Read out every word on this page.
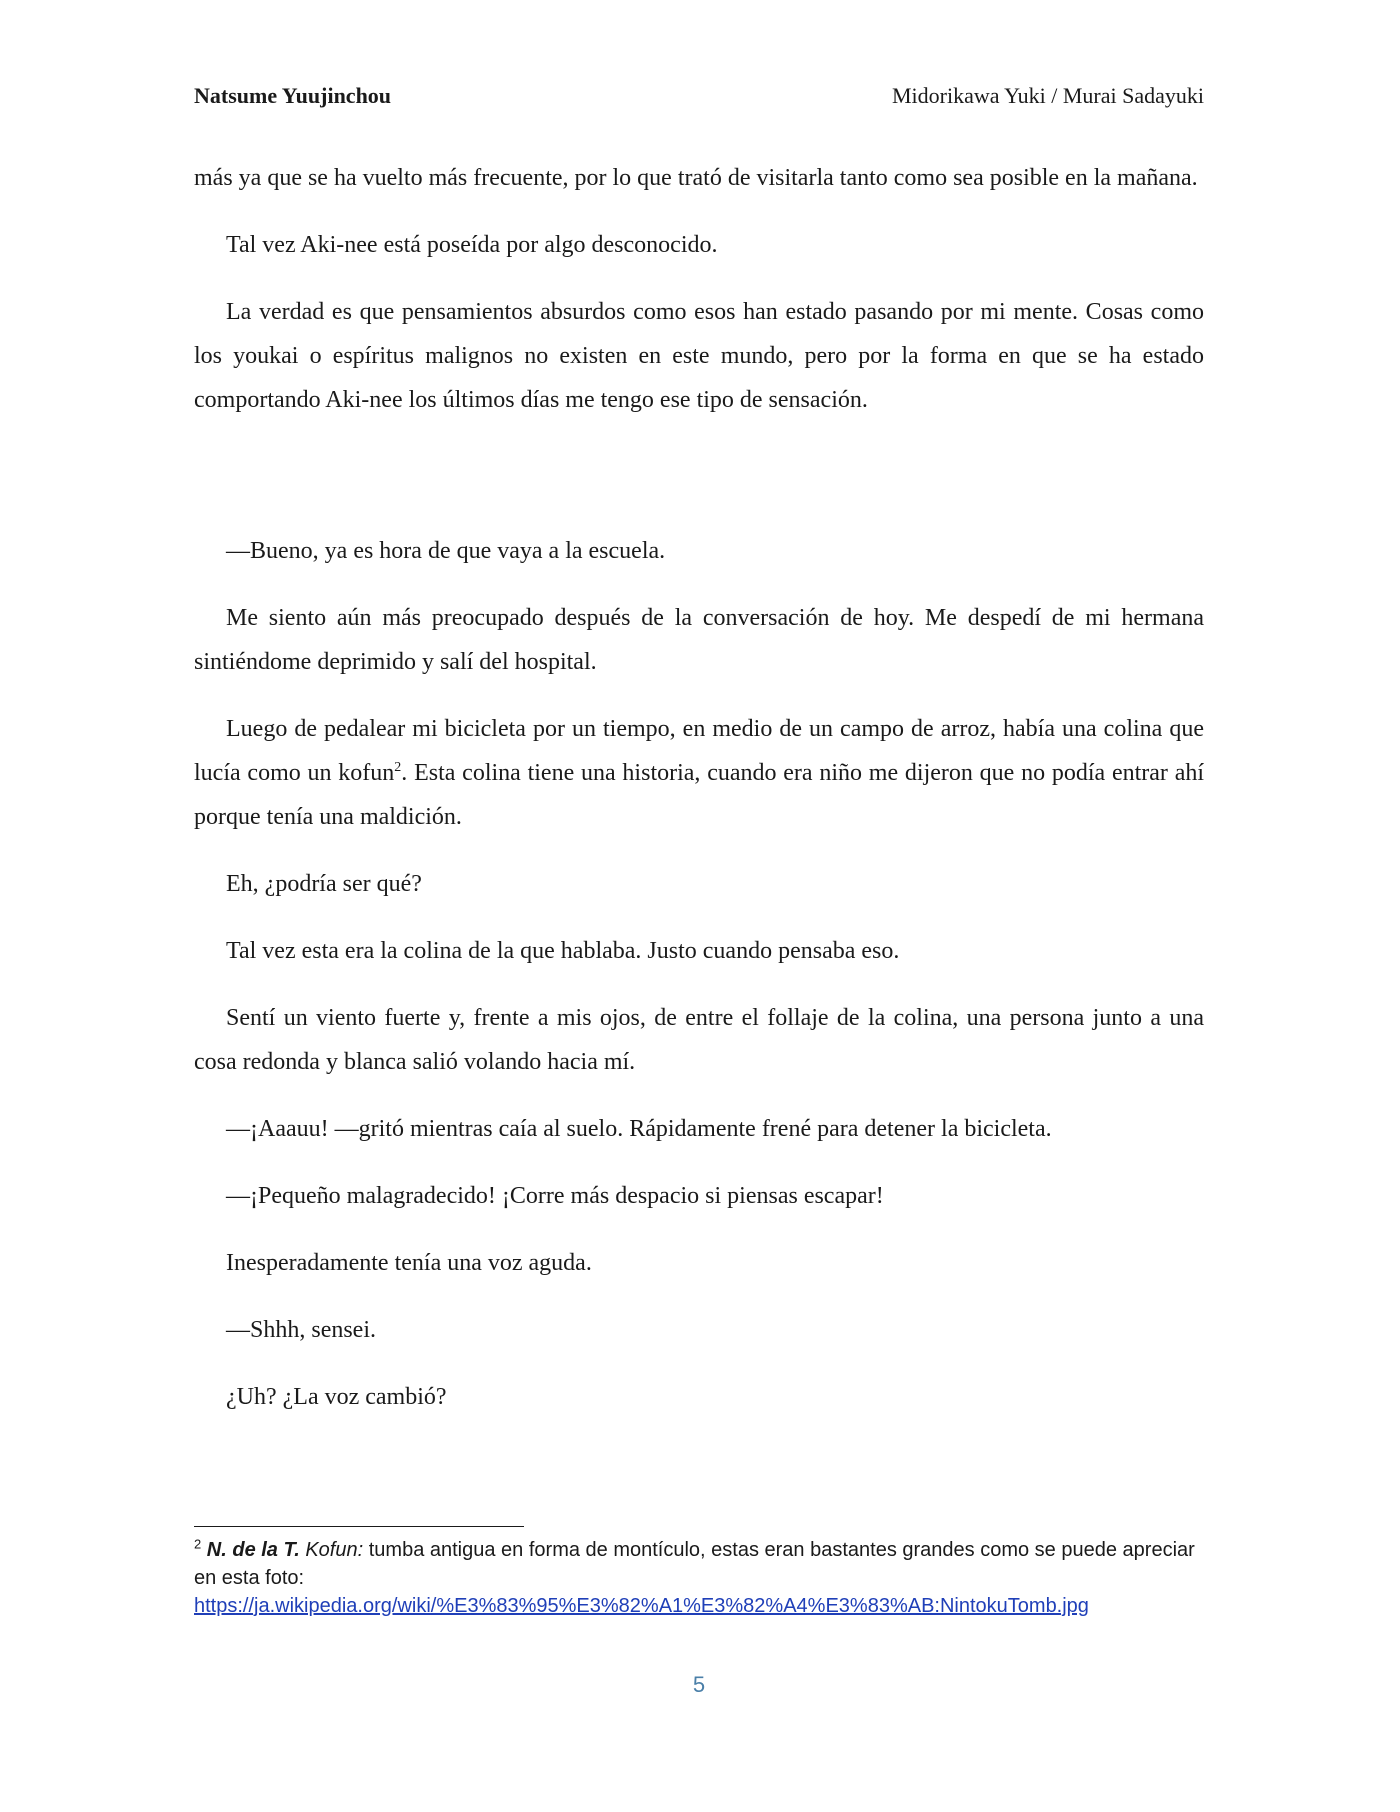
Natsume Yuujinchou	Midorikawa Yuki / Murai Sadayuki

más ya que se ha vuelto más frecuente, por lo que trató de visitarla tanto como sea posible en la mañana.

Tal vez Aki-nee está poseída por algo desconocido.

La verdad es que pensamientos absurdos como esos han estado pasando por mi mente. Cosas como los youkai o espíritus malignos no existen en este mundo, pero por la forma en que se ha estado comportando Aki-nee los últimos días me tengo ese tipo de sensación.

—Bueno, ya es hora de que vaya a la escuela.

Me siento aún más preocupado después de la conversación de hoy. Me despedí de mi hermana sintiéndome deprimido y salí del hospital.

Luego de pedalear mi bicicleta por un tiempo, en medio de un campo de arroz, había una colina que lucía como un kofun$^2$. Esta colina tiene una historia, cuando era niño me dijeron que no podía entrar ahí porque tenía una maldición.

Eh, ¿podría ser qué?

Tal vez esta era la colina de la que hablaba. Justo cuando pensaba eso.

Sentí un viento fuerte y, frente a mis ojos, de entre el follaje de la colina, una persona junto a una cosa redonda y blanca salió volando hacia mí.

—¡Aaauu! —gritó mientras caía al suelo. Rápidamente frené para detener la bicicleta.

—¡Pequeño malagradecido! ¡Corre más despacio si piensas escapar!

Inesperadamente tenía una voz aguda.

—Shhh, sensei.

¿Uh? ¿La voz cambió?

$^2$ N. de la T. Kofun: tumba antigua en forma de montículo, estas eran bastantes grandes como se puede apreciar en esta foto:
https://ja.wikipedia.org/wiki/%E3%83%95%E3%82%A1%E3%82%A4%E3%83%AB:NintokuTomb.jpg
5
